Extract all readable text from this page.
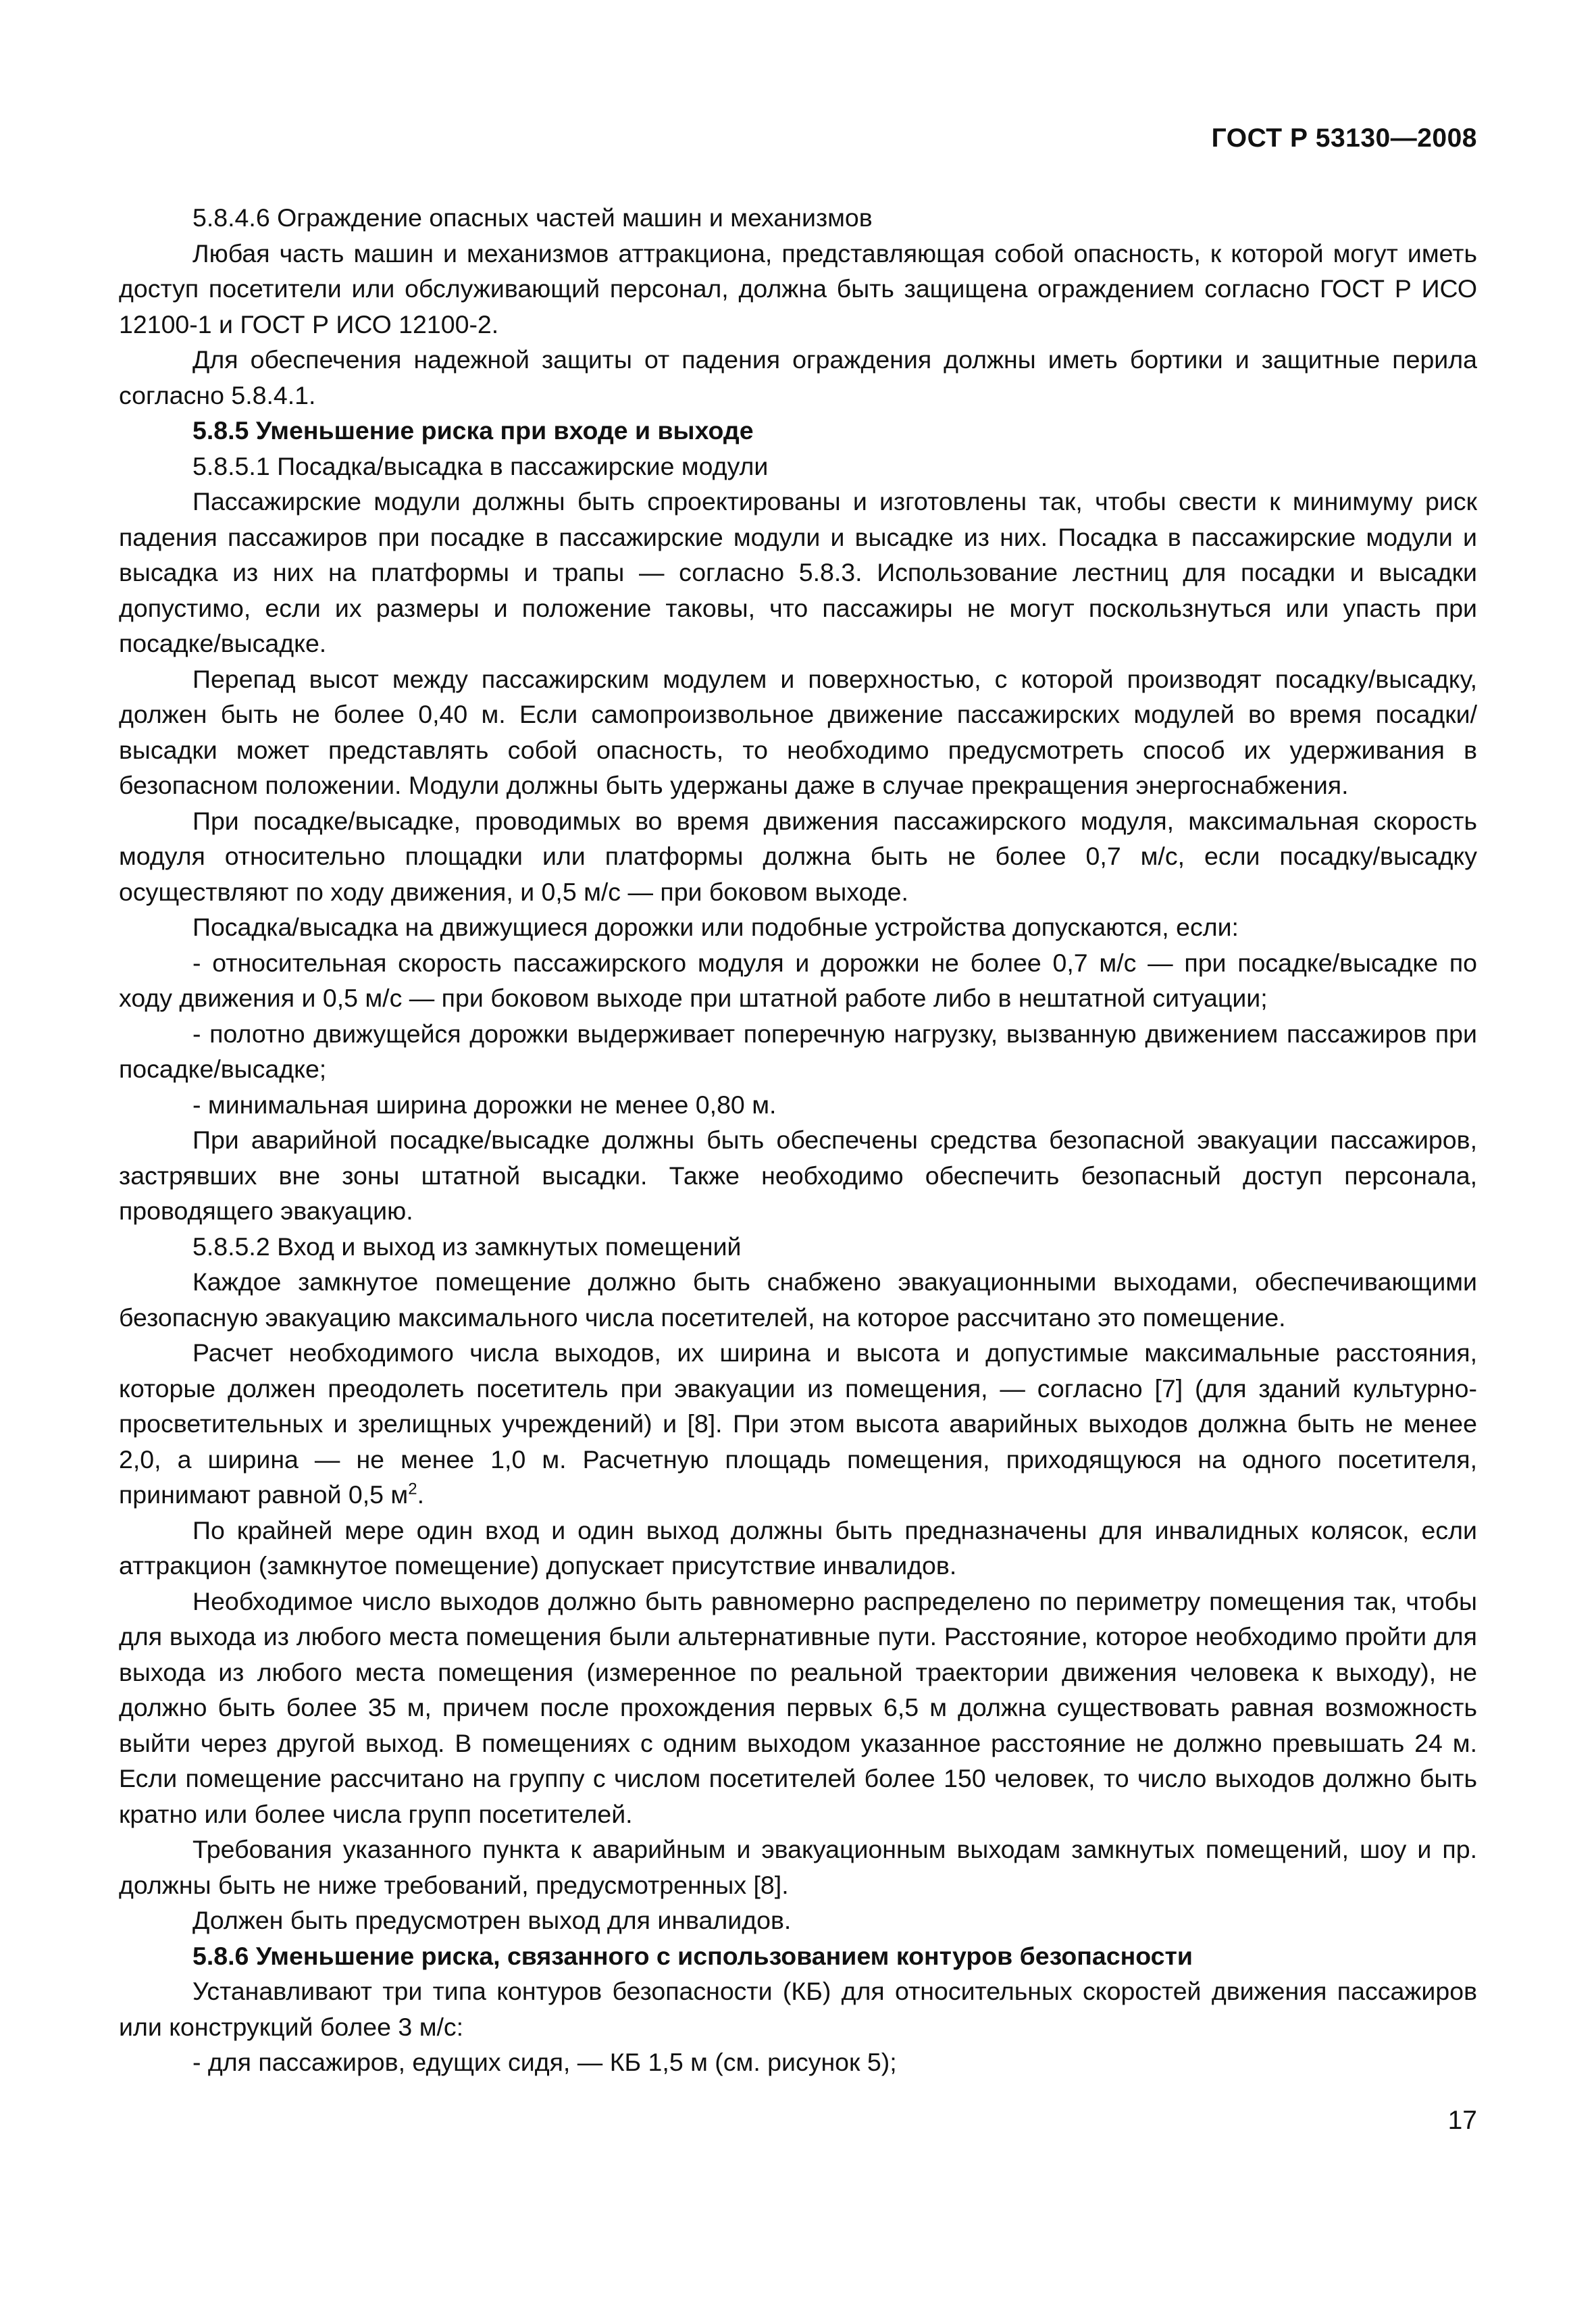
ГОСТ Р 53130—2008

5.8.4.6 Ограждение опасных частей машин и механизмов

Любая часть машин и механизмов аттракциона, представляющая собой опасность, к которой могут иметь доступ посетители или обслуживающий персонал, должна быть защищена ограждением согласно ГОСТ Р ИСО 12100-1 и ГОСТ Р ИСО 12100-2.

Для обеспечения надежной защиты от падения ограждения должны иметь бортики и защитные перила согласно 5.8.4.1.

5.8.5 Уменьшение риска при входе и выходе

5.8.5.1 Посадка/высадка в пассажирские модули

Пассажирские модули должны быть спроектированы и изготовлены так, чтобы свести к минимуму риск падения пассажиров при посадке в пассажирские модули и высадке из них. Посадка в пассажирские модули и высадка из них на платформы и трапы — согласно 5.8.3. Использование лестниц для посадки и высадки допустимо, если их размеры и положение таковы, что пассажиры не могут поскользнуться или упасть при посадке/высадке.

Перепад высот между пассажирским модулем и поверхностью, с которой производят посадку/высадку, должен быть не более 0,40 м. Если самопроизвольное движение пассажирских модулей во время посадки/высадки может представлять собой опасность, то необходимо предусмотреть способ их удерживания в безопасном положении. Модули должны быть удержаны даже в случае прекращения энергоснабжения.

При посадке/высадке, проводимых во время движения пассажирского модуля, максимальная скорость модуля относительно площадки или платформы должна быть не более 0,7 м/с, если посадку/высадку осуществляют по ходу движения, и 0,5 м/с — при боковом выходе.

Посадка/высадка на движущиеся дорожки или подобные устройства допускаются, если:

- относительная скорость пассажирского модуля и дорожки не более 0,7 м/с — при посадке/высадке по ходу движения и 0,5 м/с — при боковом выходе при штатной работе либо в нештатной ситуации;

- полотно движущейся дорожки выдерживает поперечную нагрузку, вызванную движением пассажиров при посадке/высадке;

- минимальная ширина дорожки не менее 0,80 м.

При аварийной посадке/высадке должны быть обеспечены средства безопасной эвакуации пассажиров, застрявших вне зоны штатной высадки. Также необходимо обеспечить безопасный доступ персонала, проводящего эвакуацию.

5.8.5.2 Вход и выход из замкнутых помещений

Каждое замкнутое помещение должно быть снабжено эвакуационными выходами, обеспечивающими безопасную эвакуацию максимального числа посетителей, на которое рассчитано это помещение.

Расчет необходимого числа выходов, их ширина и высота и допустимые максимальные расстояния, которые должен преодолеть посетитель при эвакуации из помещения, — согласно [7] (для зданий культурно-просветительных и зрелищных учреждений) и [8]. При этом высота аварийных выходов должна быть не менее 2,0, а ширина — не менее 1,0 м. Расчетную площадь помещения, приходящуюся на одного посетителя, принимают равной 0,5 $м^2$.

По крайней мере один вход и один выход должны быть предназначены для инвалидных колясок, если аттракцион (замкнутое помещение) допускает присутствие инвалидов.

Необходимое число выходов должно быть равномерно распределено по периметру помещения так, чтобы для выхода из любого места помещения были альтернативные пути. Расстояние, которое необходимо пройти для выхода из любого места помещения (измеренное по реальной траектории движения человека к выходу), не должно быть более 35 м, причем после прохождения первых 6,5 м должна существовать равная возможность выйти через другой выход. В помещениях с одним выходом указанное расстояние не должно превышать 24 м. Если помещение рассчитано на группу с числом посетителей более 150 человек, то число выходов должно быть кратно или более числа групп посетителей.

Требования указанного пункта к аварийным и эвакуационным выходам замкнутых помещений, шоу и пр. должны быть не ниже требований, предусмотренных [8].

Должен быть предусмотрен выход для инвалидов.

5.8.6 Уменьшение риска, связанного с использованием контуров безопасности

Устанавливают три типа контуров безопасности (КБ) для относительных скоростей движения пассажиров или конструкций более 3 м/с:

- для пассажиров, едущих сидя, — КБ 1,5 м (см. рисунок 5);

17
